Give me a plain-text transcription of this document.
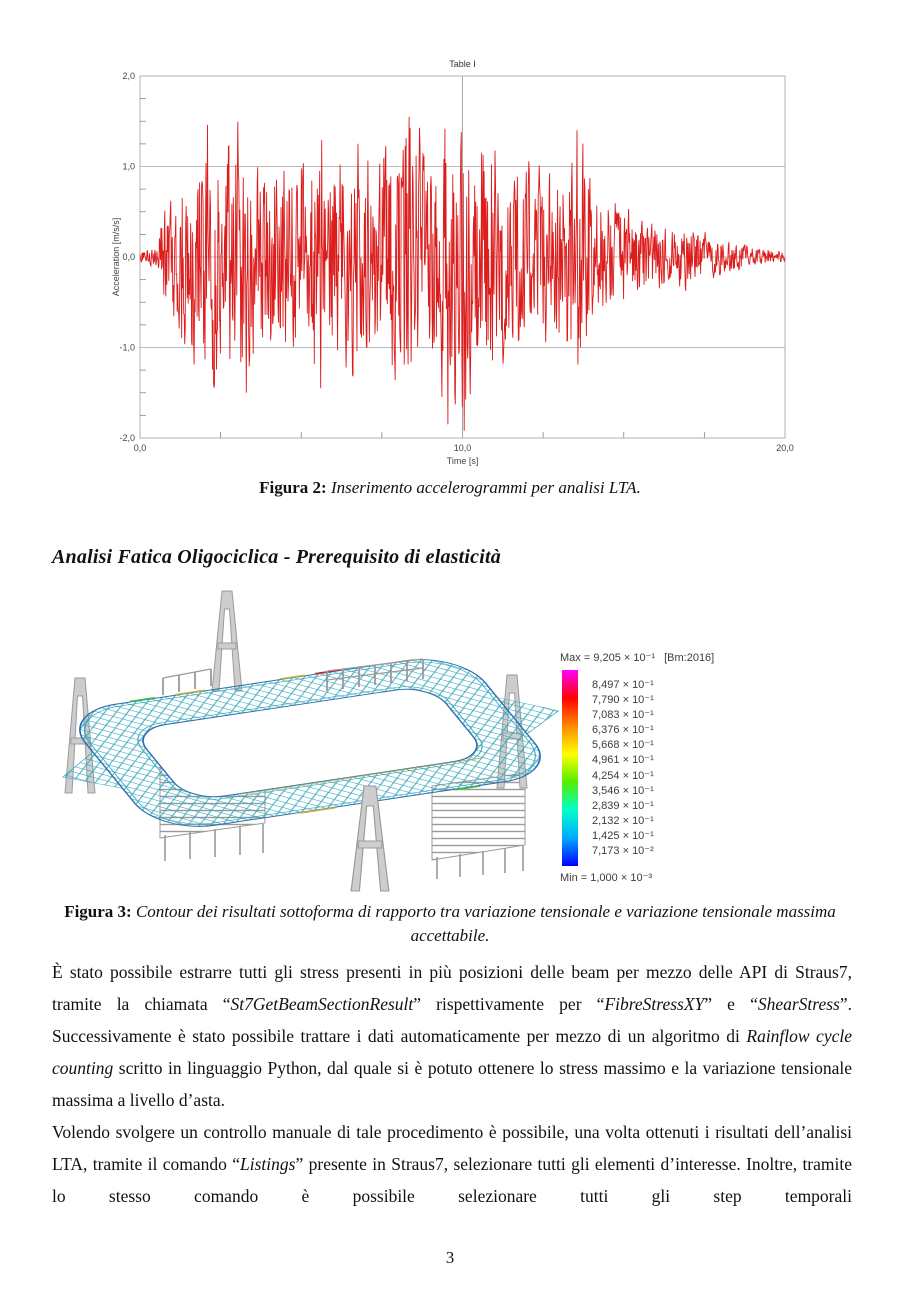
2,0
1,0
0,0
-1,0
-2,0
0,0	10,0	20,0
Time [s]
Table I
Acceleration [m/s/s]
Figura 2: Inserimento accelerogrammi per analisi LTA.
Analisi Fatica Oligociclica - Prerequisito di elasticità
Max = 9,205 × 10⁻¹ [Bm:2016]
8,497 × 10⁻¹
7,790 × 10⁻¹
7,083 × 10⁻¹
6,376 × 10⁻¹
5,668 × 10⁻¹
4,961 × 10⁻¹
4,254 × 10⁻¹
3,546 × 10⁻¹
2,839 × 10⁻¹
2,132 × 10⁻¹
1,425 × 10⁻¹
7,173 × 10⁻²
Min = 1,000 × 10⁻³
Figura 3: Contour dei risultati sottoforma di rapporto tra variazione tensionale e variazione tensionale massima accettabile.

È stato possibile estrarre tutti gli stress presenti in più posizioni delle beam per mezzo delle API di Straus7, tramite la chiamata “St7GetBeamSectionResult” rispettivamente per “FibreStressXY” e “ShearStress”. Successivamente è stato possibile trattare i dati automaticamente per mezzo di un algoritmo di Rainflow cycle counting scritto in linguaggio Python, dal quale si è potuto ottenere lo stress massimo e la variazione tensionale massima a livello d’asta.

Volendo svolgere un controllo manuale di tale procedimento è possibile, una volta ottenuti i risultati dell’analisi LTA, tramite il comando “Listings” presente in Straus7, selezionare tutti gli elementi d’interesse. Inoltre, tramite lo stesso comando è possibile selezionare tutti gli step temporali

3
